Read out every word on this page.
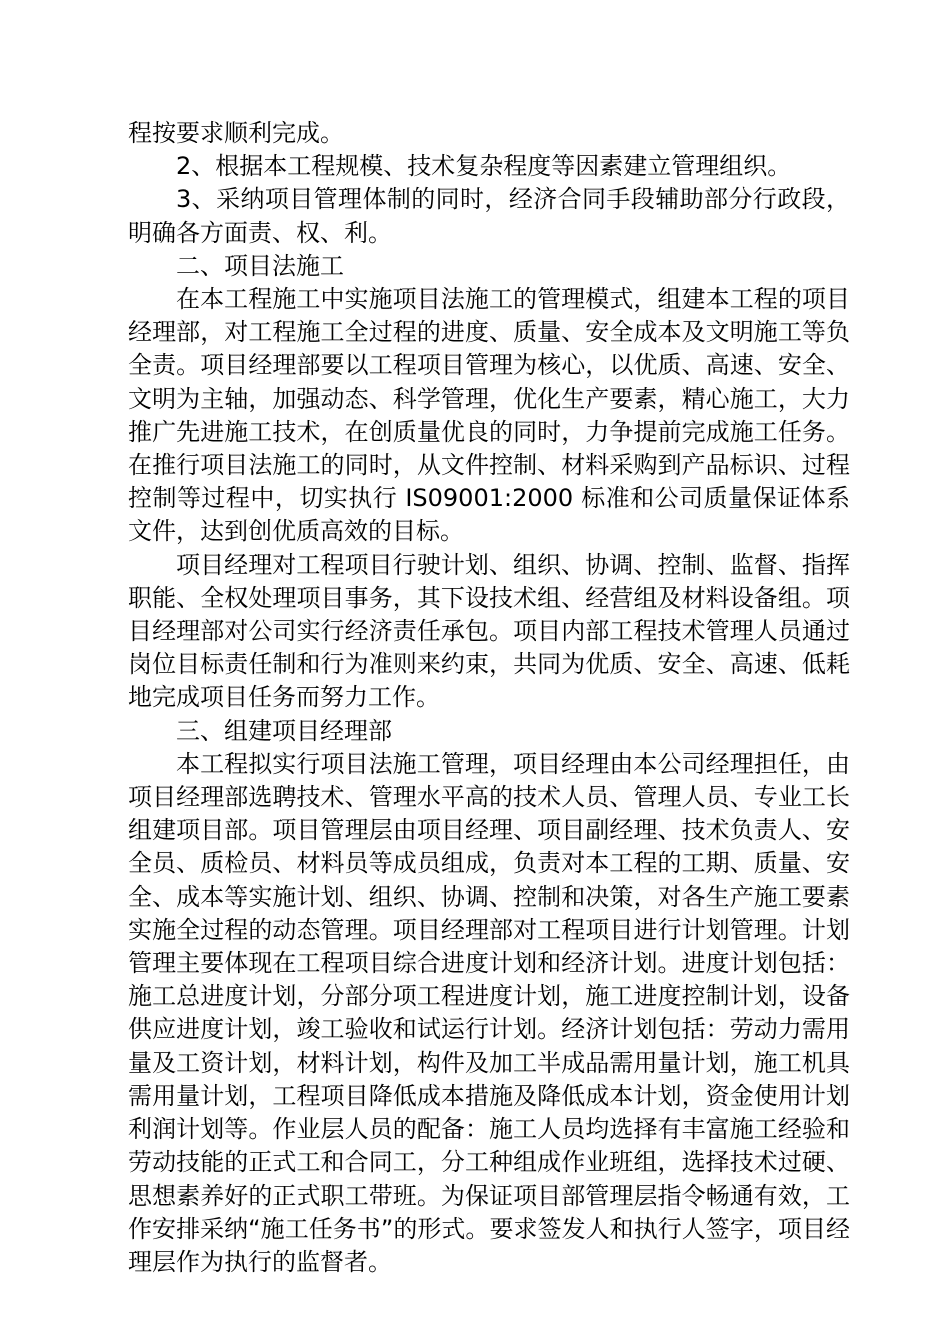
程按要求顺利完成。

2、根据本工程规模、技术复杂程度等因素建立管理组织。

3、采纳项目管理体制的同时，经济合同手段辅助部分行政段，明确各方面责、权、利。

二、项目法施工

在本工程施工中实施项目法施工的管理模式，组建本工程的项目经理部，对工程施工全过程的进度、质量、安全成本及文明施工等负全责。项目经理部要以工程项目管理为核心，以优质、高速、安全、文明为主轴，加强动态、科学管理，优化生产要素，精心施工，大力推广先进施工技术，在创质量优良的同时，力争提前完成施工任务。在推行项目法施工的同时，从文件控制、材料采购到产品标识、过程控制等过程中，切实执行 IS09001:2000 标准和公司质量保证体系文件，达到创优质高效的目标。

项目经理对工程项目行驶计划、组织、协调、控制、监督、指挥职能、全权处理项目事务，其下设技术组、经营组及材料设备组。项目经理部对公司实行经济责任承包。项目内部工程技术管理人员通过岗位目标责任制和行为准则来约束，共同为优质、安全、高速、低耗地完成项目任务而努力工作。

三、组建项目经理部

本工程拟实行项目法施工管理，项目经理由本公司经理担任，由项目经理部选聘技术、管理水平高的技术人员、管理人员、专业工长组建项目部。项目管理层由项目经理、项目副经理、技术负责人、安全员、质检员、材料员等成员组成，负责对本工程的工期、质量、安全、成本等实施计划、组织、协调、控制和决策，对各生产施工要素实施全过程的动态管理。项目经理部对工程项目进行计划管理。计划管理主要体现在工程项目综合进度计划和经济计划。进度计划包括：施工总进度计划，分部分项工程进度计划，施工进度控制计划，设备供应进度计划，竣工验收和试运行计划。经济计划包括：劳动力需用量及工资计划，材料计划，构件及加工半成品需用量计划，施工机具需用量计划，工程项目降低成本措施及降低成本计划，资金使用计划利润计划等。作业层人员的配备：施工人员均选择有丰富施工经验和劳动技能的正式工和合同工，分工种组成作业班组，选择技术过硬、思想素养好的正式职工带班。为保证项目部管理层指令畅通有效，工作安排采纳“施工任务书”的形式。要求签发人和执行人签字，项目经理层作为执行的监督者。
